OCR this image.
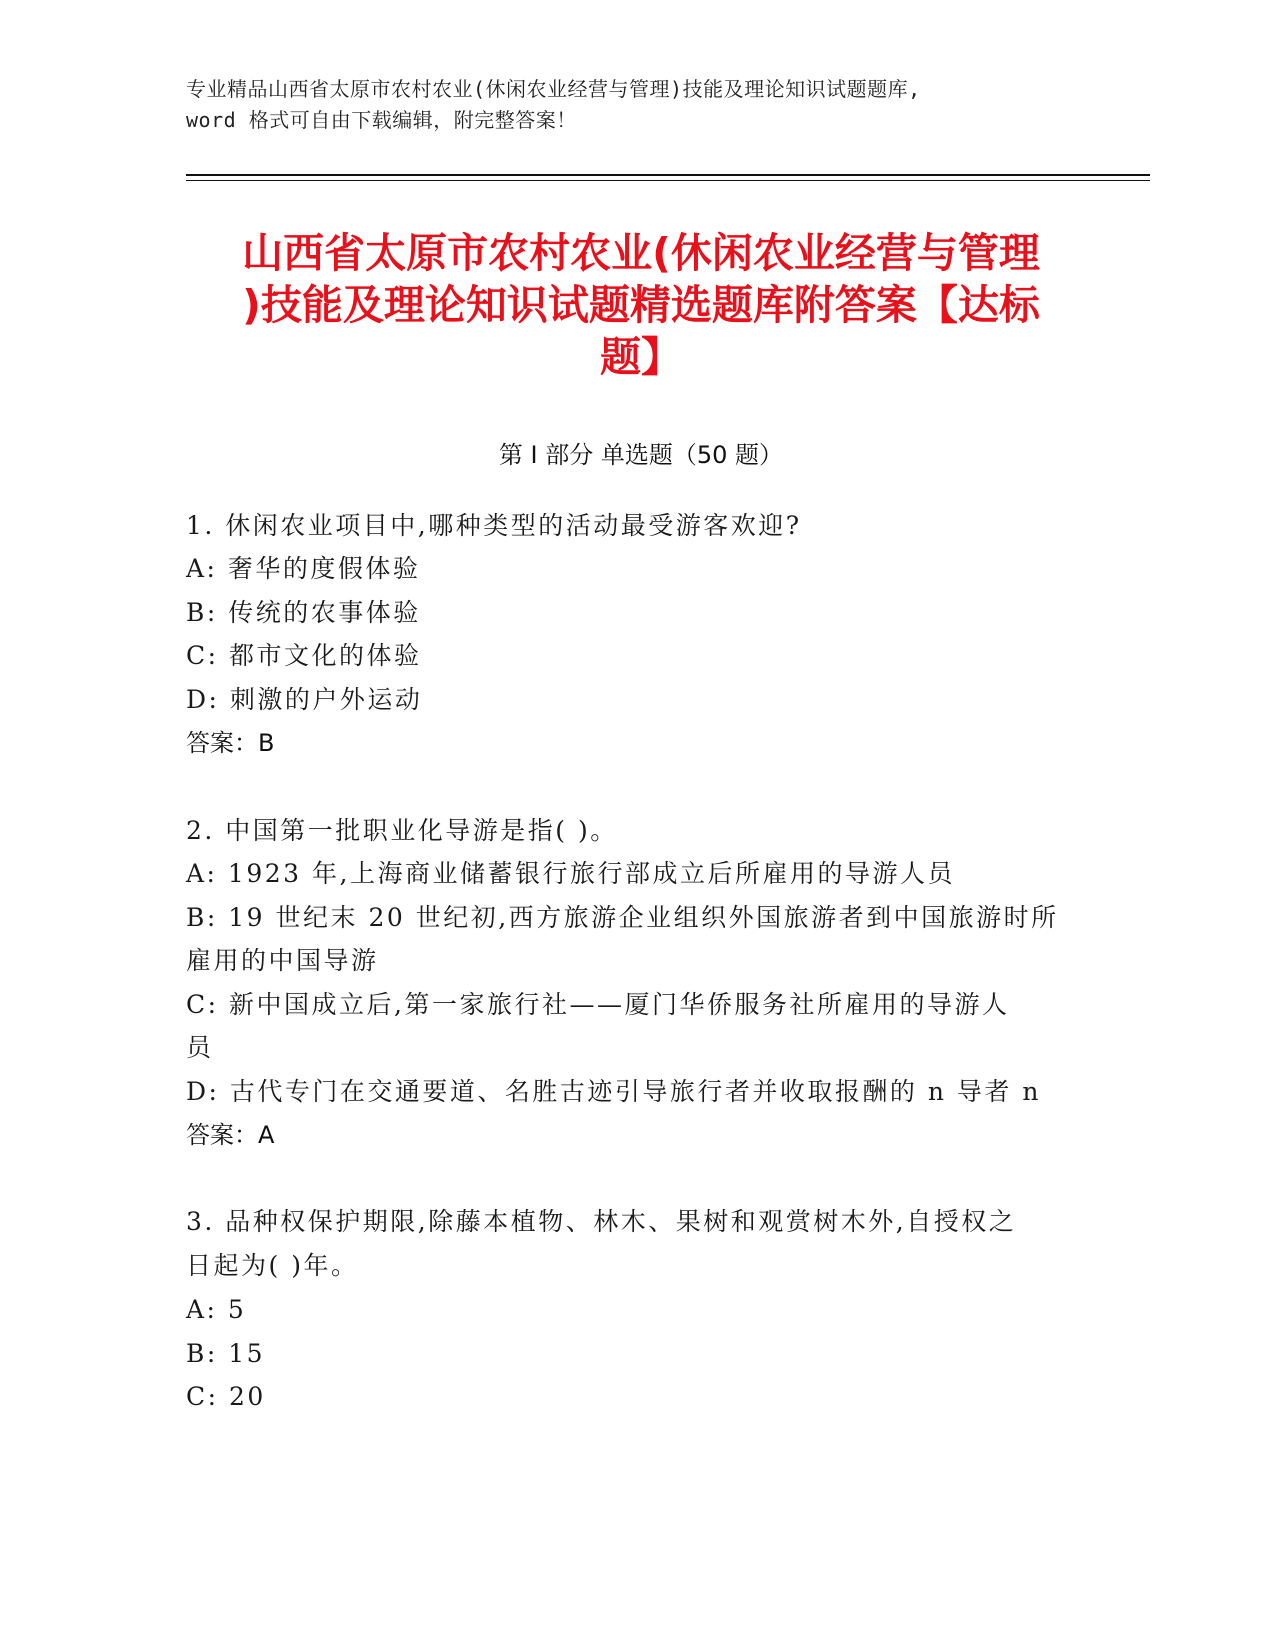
专业精品山西省太原市农村农业(休闲农业经营与管理)技能及理论知识试题题库,
word 格式可自由下载编辑，附完整答案！
山西省太原市农村农业(休闲农业经营与管理
)技能及理论知识试题精选题库附答案【达标
题】
第 I 部分 单选题（50 题）
1. 休闲农业项目中,哪种类型的活动最受游客欢迎?
A: 奢华的度假体验
B: 传统的农事体验
C: 都市文化的体验
D: 刺激的户外运动
答案：B
2. 中国第一批职业化导游是指( )。
A: 1923 年,上海商业储蓄银行旅行部成立后所雇用的导游人员
B: 19 世纪末 20 世纪初,西方旅游企业组织外国旅游者到中国旅游时所
雇用的中国导游
C: 新中国成立后,第一家旅行社——厦门华侨服务社所雇用的导游人
员
D: 古代专门在交通要道、名胜古迹引导旅行者并收取报酬的 n 导者 n
答案：A
3. 品种权保护期限,除藤本植物、林木、果树和观赏树木外,自授权之
日起为( )年。
A: 5
B: 15
C: 20
